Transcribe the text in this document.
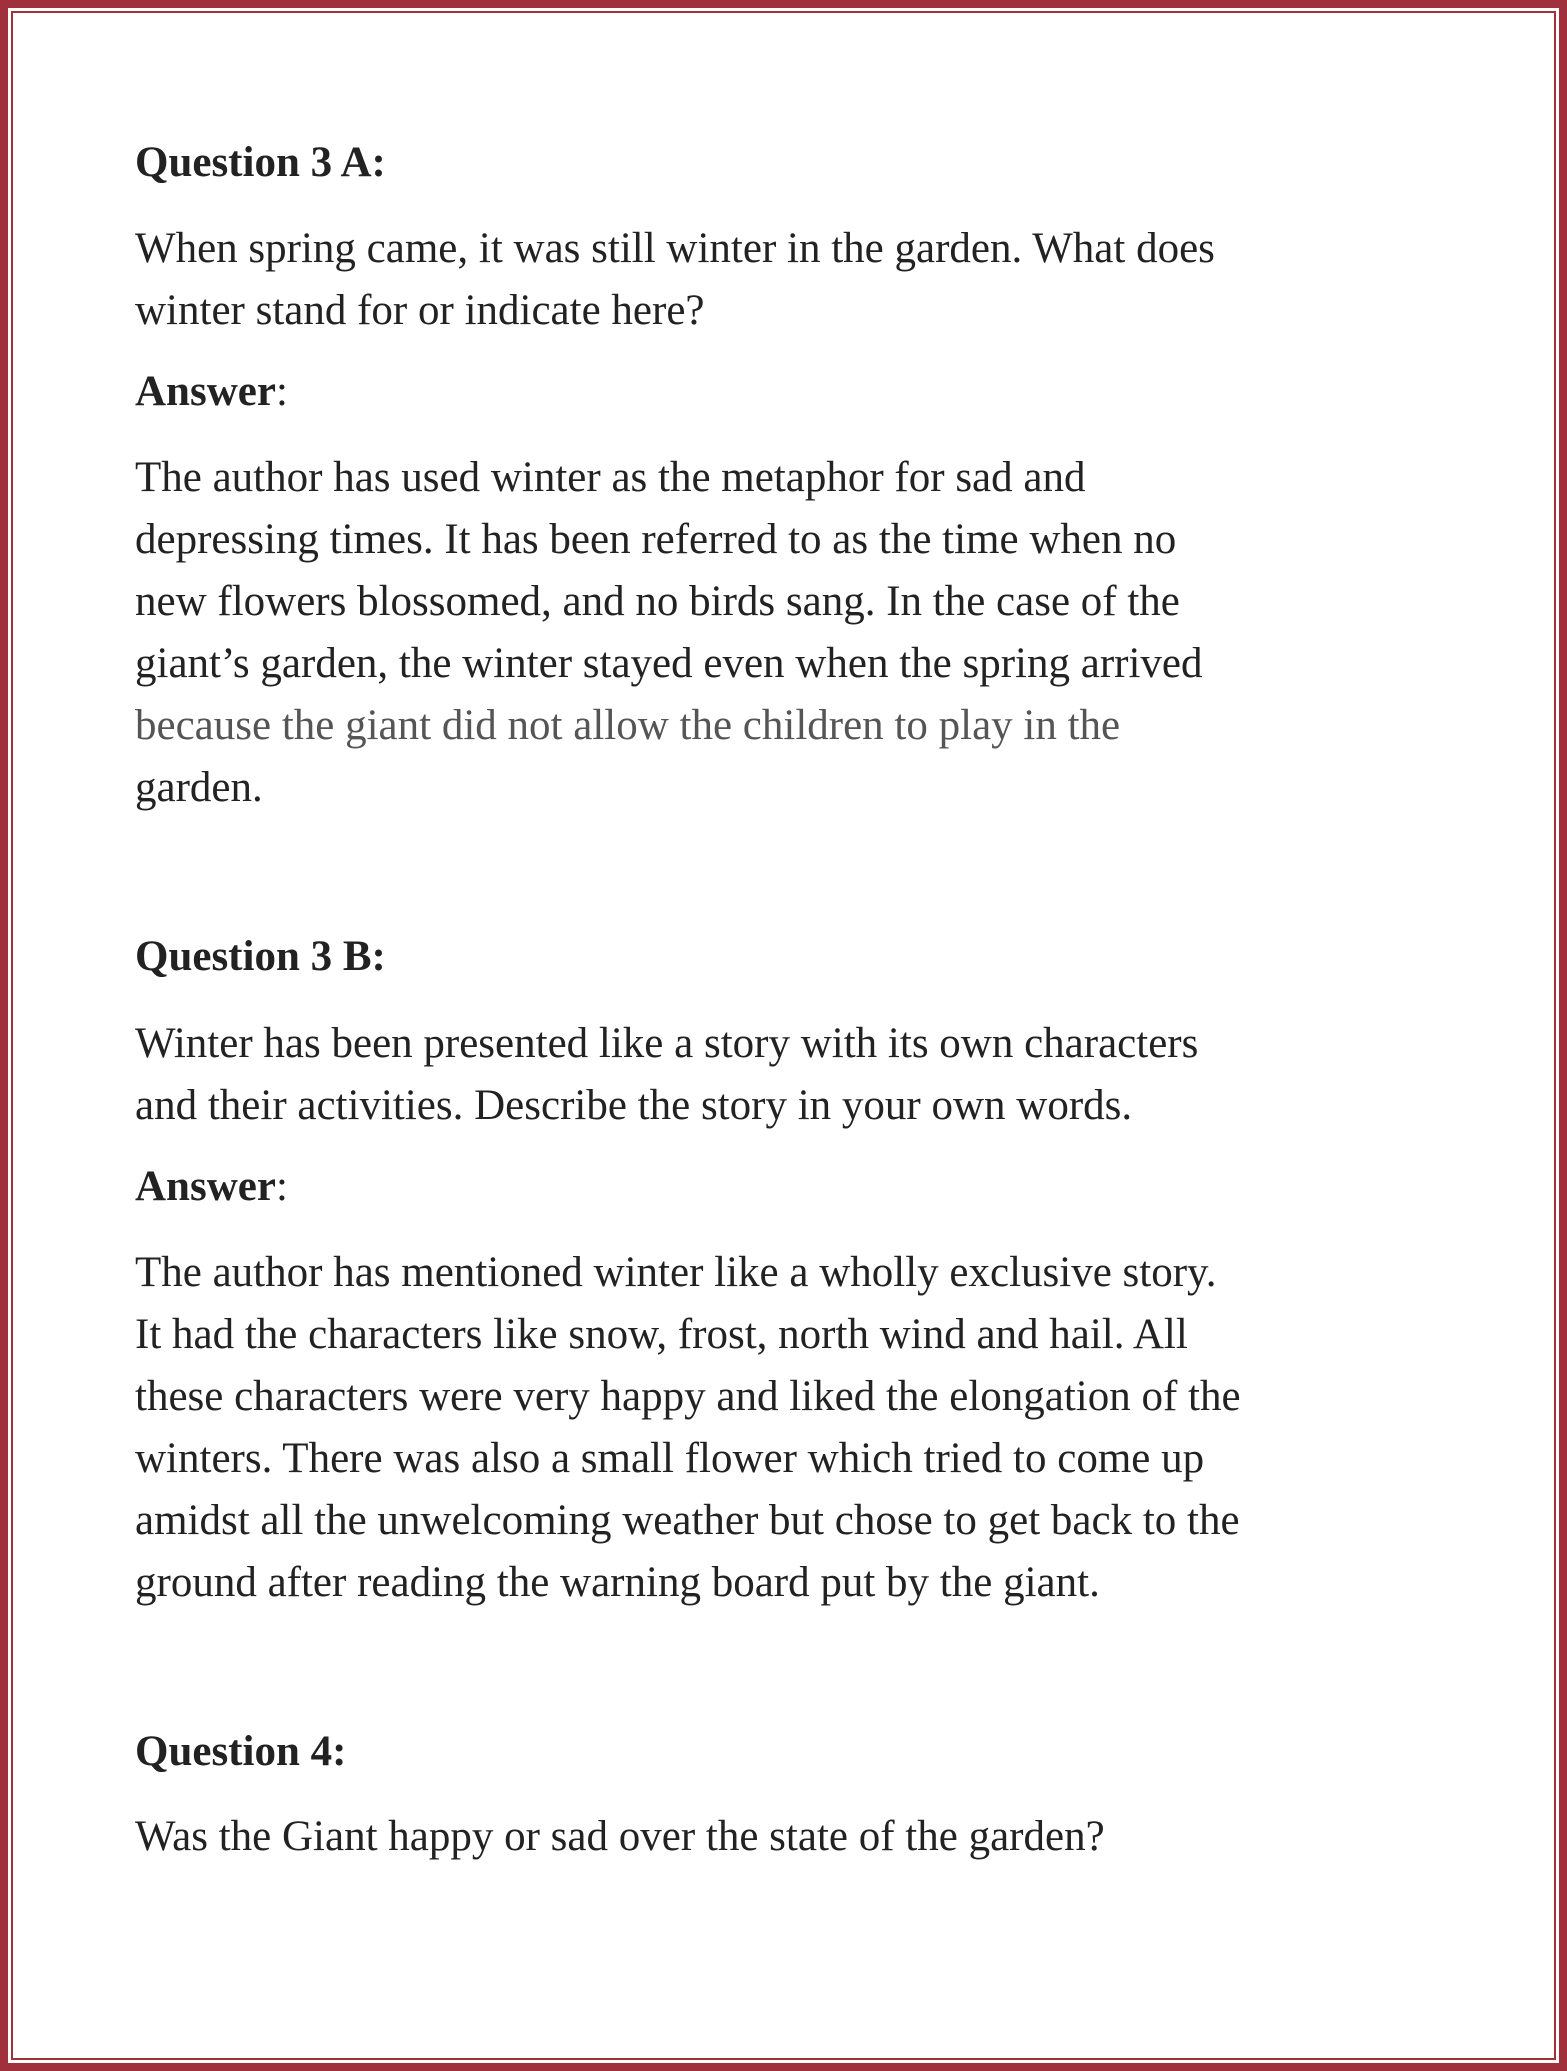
Question 3 A:
When spring came, it was still winter in the garden. What does
winter stand for or indicate here?
Answer:
The author has used winter as the metaphor for sad and
depressing times. It has been referred to as the time when no
new flowers blossomed, and no birds sang. In the case of the
giant’s garden, the winter stayed even when the spring arrived
because the giant did not allow the children to play in the
garden.
Question 3 B:
Winter has been presented like a story with its own characters
and their activities. Describe the story in your own words.
Answer:
The author has mentioned winter like a wholly exclusive story.
It had the characters like snow, frost, north wind and hail. All
these characters were very happy and liked the elongation of the
winters. There was also a small flower which tried to come up
amidst all the unwelcoming weather but chose to get back to the
ground after reading the warning board put by the giant.
Question 4:
Was the Giant happy or sad over the state of the garden?
